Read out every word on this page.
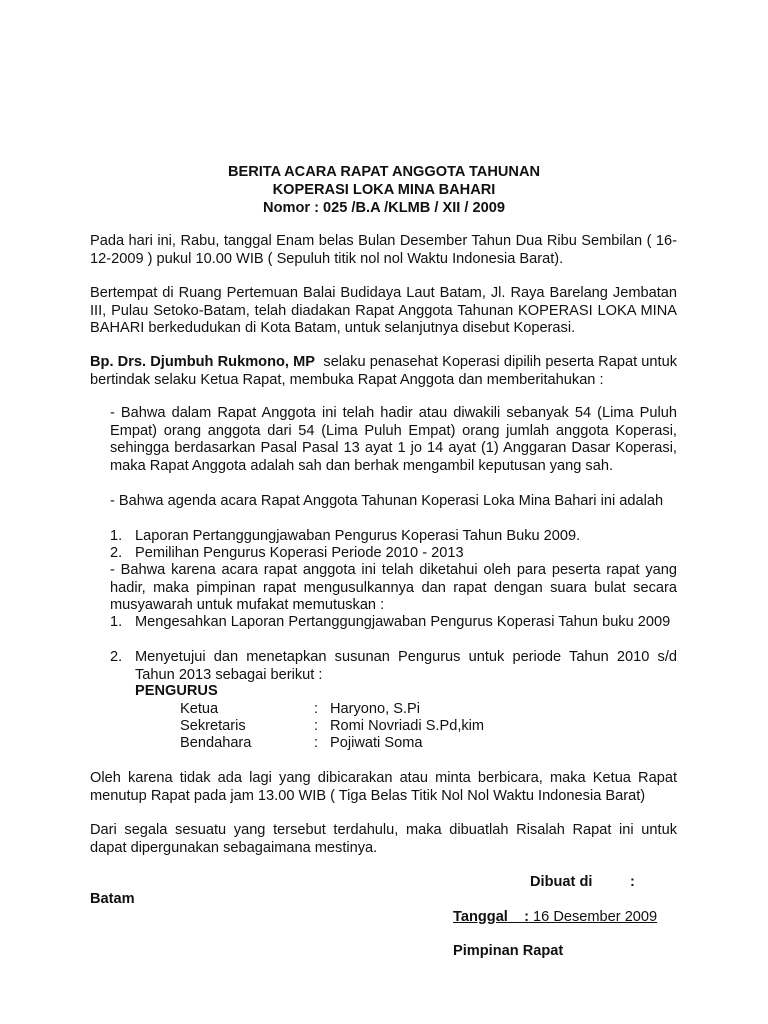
BERITA ACARA RAPAT ANGGOTA TAHUNAN
KOPERASI LOKA MINA BAHARI
Nomor : 025 /B.A /KLMB / XII / 2009

Pada hari ini, Rabu, tanggal Enam belas Bulan Desember Tahun Dua Ribu Sembilan ( 16-12-2009 ) pukul 10.00 WIB ( Sepuluh titik nol nol Waktu Indonesia Barat).

Bertempat di Ruang Pertemuan Balai Budidaya Laut Batam, Jl. Raya Barelang Jembatan III, Pulau Setoko-Batam, telah diadakan Rapat Anggota Tahunan KOPERASI LOKA MINA BAHARI berkedudukan di Kota Batam, untuk selanjutnya disebut Koperasi.

Bp. Drs. Djumbuh Rukmono, MP selaku penasehat Koperasi dipilih peserta Rapat untuk bertindak selaku Ketua Rapat, membuka Rapat Anggota dan memberitahukan :

- Bahwa dalam Rapat Anggota ini telah hadir atau diwakili sebanyak 54 (Lima Puluh Empat) orang anggota dari 54 (Lima Puluh Empat) orang jumlah anggota Koperasi, sehingga berdasarkan Pasal Pasal 13 ayat 1 jo 14 ayat (1) Anggaran Dasar Koperasi, maka Rapat Anggota adalah sah dan berhak mengambil keputusan yang sah.

- Bahwa agenda acara Rapat Anggota Tahunan Koperasi Loka Mina Bahari ini adalah

1. Laporan Pertanggungjawaban Pengurus Koperasi Tahun Buku 2009.
2. Pemilihan Pengurus Koperasi Periode 2010 - 2013

- Bahwa karena acara rapat anggota ini telah diketahui oleh para peserta rapat yang hadir, maka pimpinan rapat mengusulkannya dan rapat dengan suara bulat secara musyawarah untuk mufakat memutuskan :

1. Mengesahkan Laporan Pertanggungjawaban Pengurus Koperasi Tahun buku 2009

2. Menyetujui dan menetapkan susunan Pengurus untuk periode Tahun 2010 s/d Tahun 2013 sebagai berikut :

PENGURUS
Ketua	: Haryono, S.Pi
Sekretaris	: Romi Novriadi S.Pd,kim
Bendahara	: Pojiwati Soma

Oleh karena tidak ada lagi yang dibicarakan atau minta berbicara, maka Ketua Rapat menutup Rapat pada jam 13.00 WIB ( Tiga Belas Titik Nol Nol Waktu Indonesia Barat)

Dari segala sesuatu yang tersebut terdahulu, maka dibuatlah Risalah Rapat ini untuk dapat dipergunakan sebagaimana mestinya.

Dibuat di	:
Batam
Tanggal : 16 Desember 2009
Pimpinan Rapat
